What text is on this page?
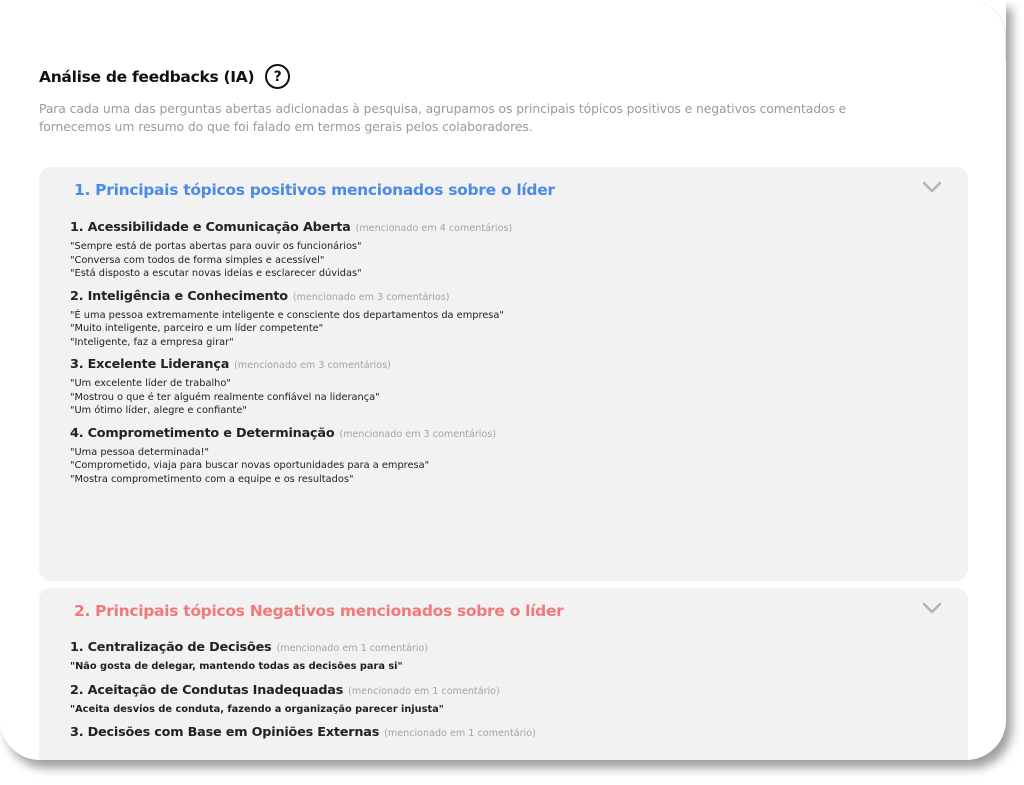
Análise de feedbacks (IA)	?

Para cada uma das perguntas abertas adicionadas à pesquisa, agrupamos os principais tópicos positivos e negativos comentados e fornecemos um resumo do que foi falado em termos gerais pelos colaboradores.

1. Principais tópicos positivos mencionados sobre o líder
1. Acessibilidade e Comunicação Aberta (mencionado em 4 comentários)
"Sempre está de portas abertas para ouvir os funcionários"
"Conversa com todos de forma simples e acessível"
"Está disposto a escutar novas ideias e esclarecer dúvidas"
2. Inteligência e Conhecimento (mencionado em 3 comentários)
"É uma pessoa extremamente inteligente e consciente dos departamentos da empresa"
"Muito inteligente, parceiro e um líder competente"
"Inteligente, faz a empresa girar"
3. Excelente Liderança (mencionado em 3 comentários)
"Um excelente líder de trabalho"
"Mostrou o que é ter alguém realmente confiável na liderança"
"Um ótimo líder, alegre e confiante"
4. Comprometimento e Determinação (mencionado em 3 comentários)
"Uma pessoa determinada!"
"Comprometido, viaja para buscar novas oportunidades para a empresa"
"Mostra comprometimento com a equipe e os resultados"
2. Principais tópicos Negativos mencionados sobre o líder
1. Centralização de Decisões (mencionado em 1 comentário)
"Não gosta de delegar, mantendo todas as decisões para si"
2. Aceitação de Condutas Inadequadas (mencionado em 1 comentário)
"Aceita desvios de conduta, fazendo a organização parecer injusta"
3. Decisões com Base em Opiniões Externas (mencionado em 1 comentário)
